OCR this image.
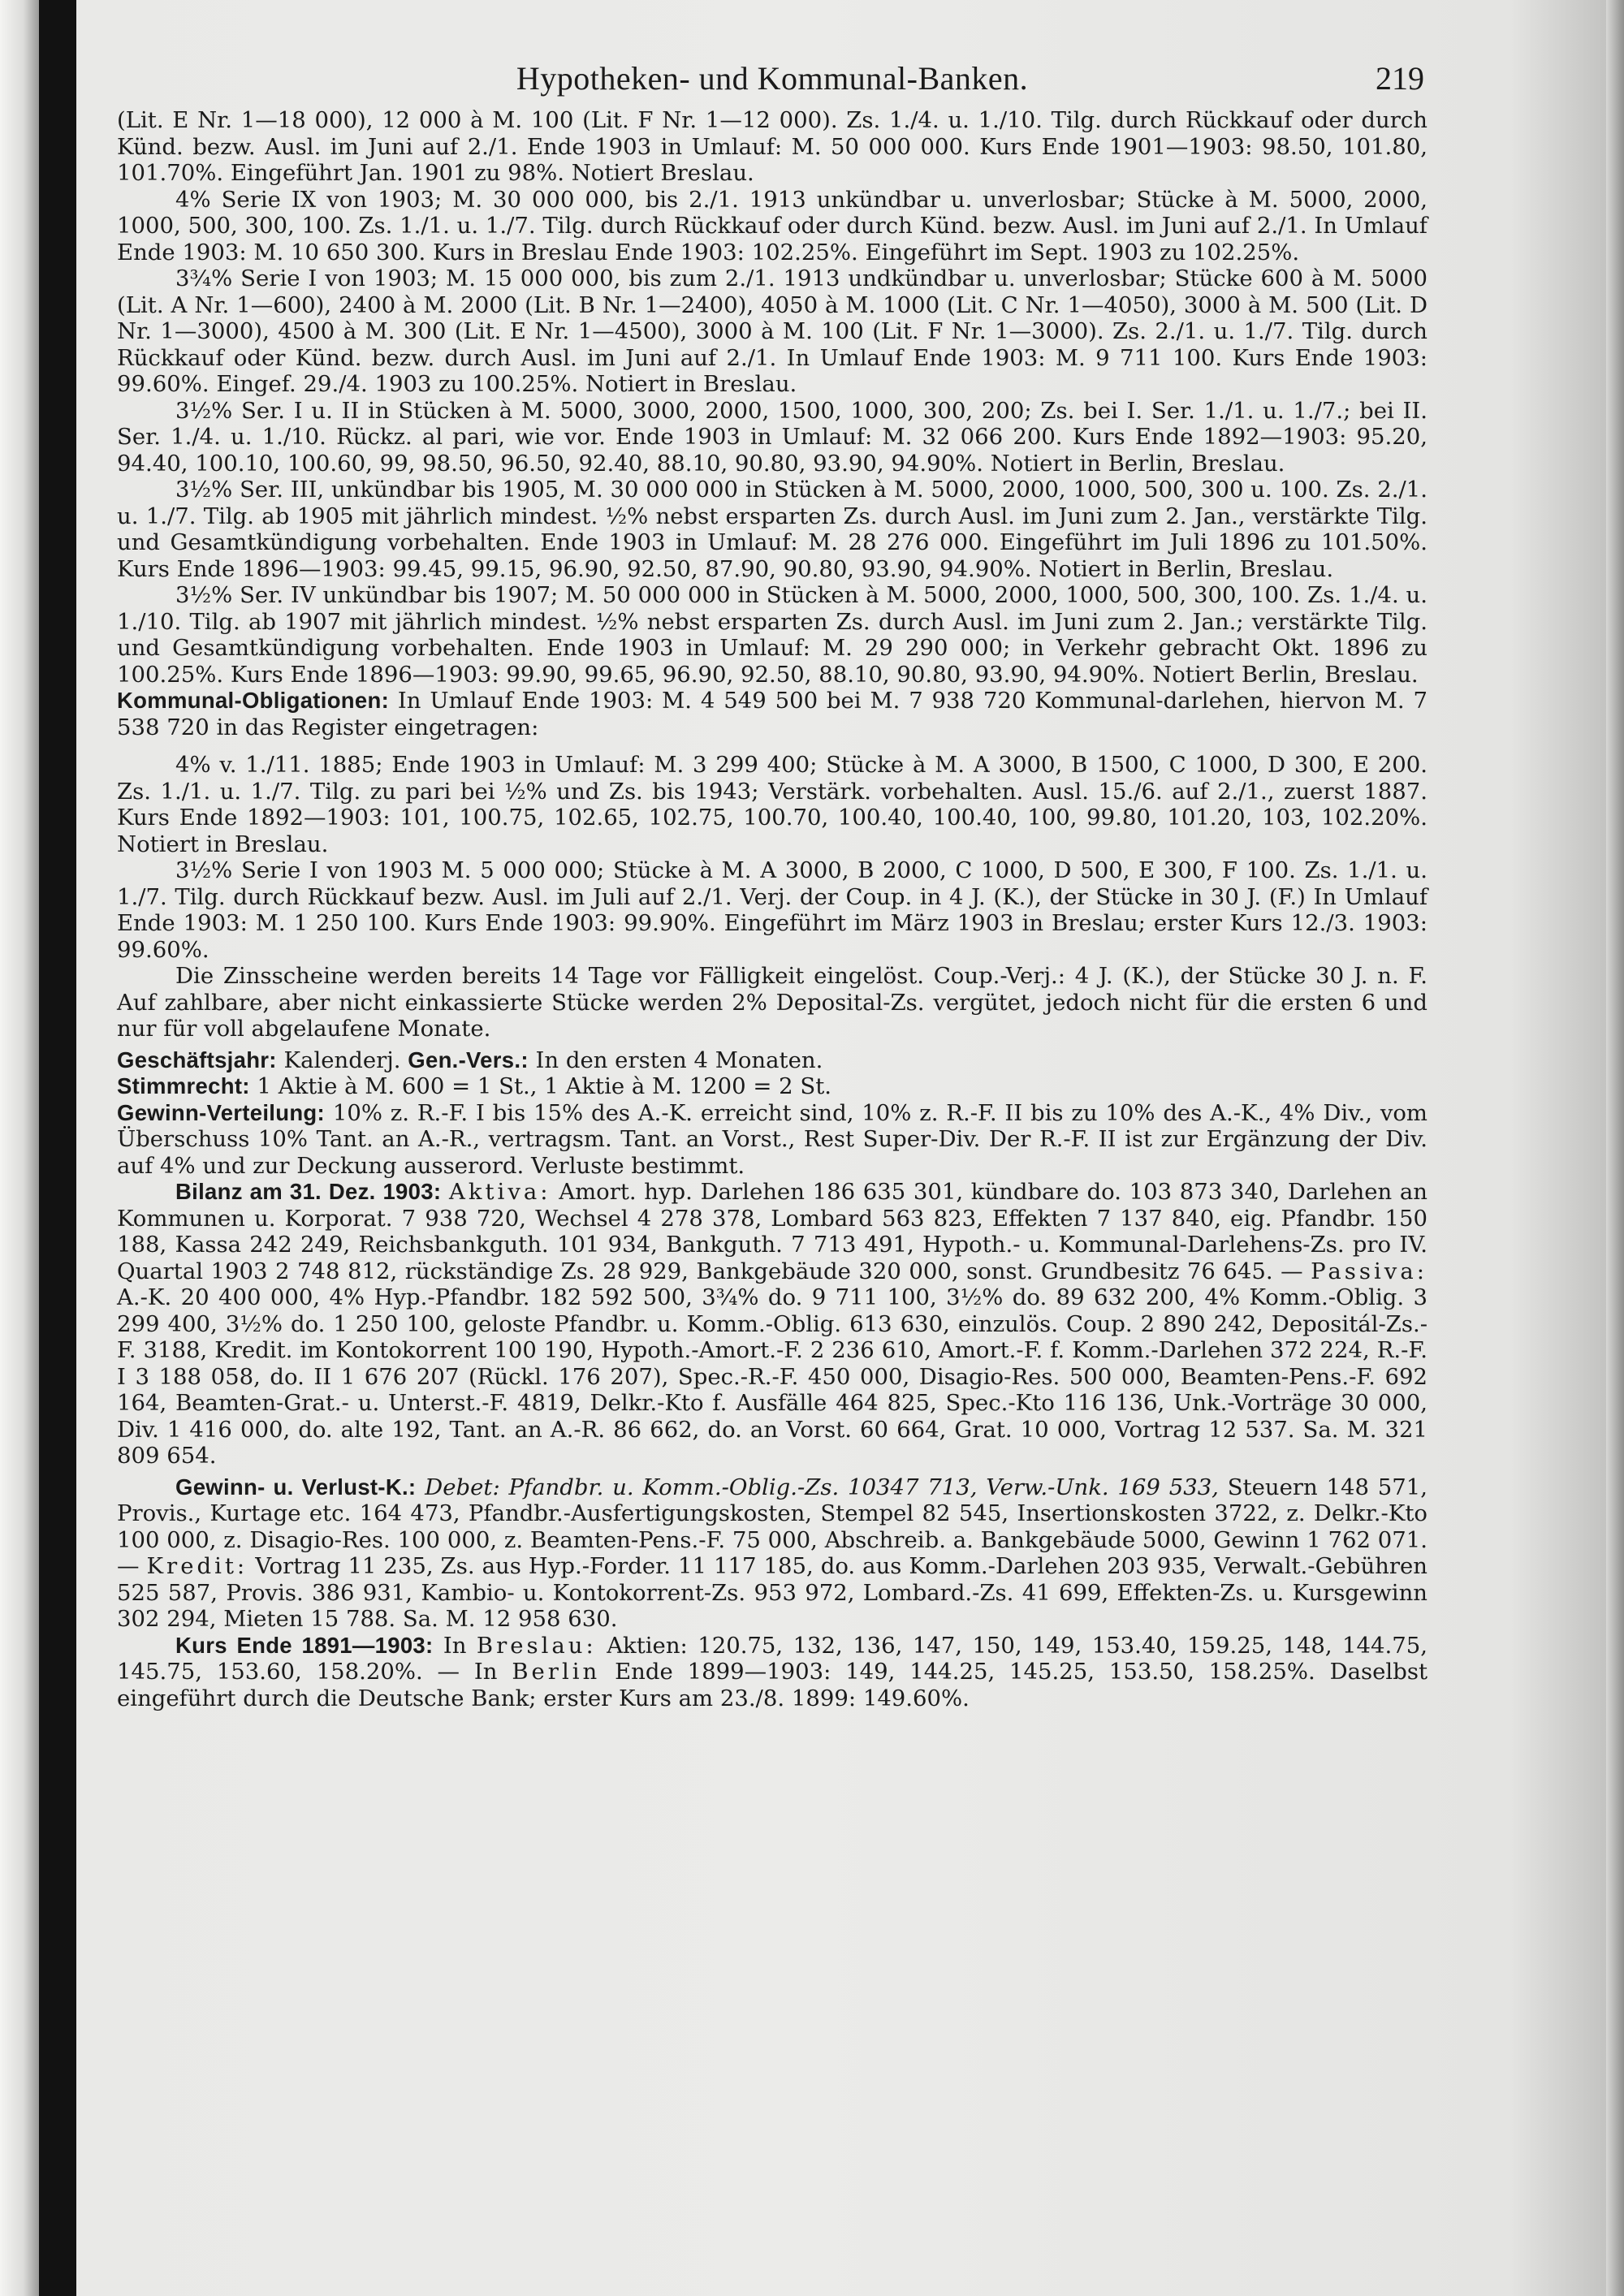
Hypotheken- und Kommunal-Banken.	219

(Lit. E Nr. 1—18 000), 12 000 à M. 100 (Lit. F Nr. 1—12 000). Zs. 1./4. u. 1./10. Tilg. durch Rückkauf oder durch Künd. bezw. Ausl. im Juni auf 2./1. Ende 1903 in Umlauf: M. 50 000 000. Kurs Ende 1901—1903: 98.50, 101.80, 101.70%. Eingeführt Jan. 1901 zu 98%. Notiert Breslau.

4% Serie IX von 1903; M. 30 000 000, bis 2./1. 1913 unkündbar u. unverlosbar; Stücke à M. 5000, 2000, 1000, 500, 300, 100. Zs. 1./1. u. 1./7. Tilg. durch Rückkauf oder durch Künd. bezw. Ausl. im Juni auf 2./1. In Umlauf Ende 1903: M. 10 650 300. Kurs in Breslau Ende 1903: 102.25%. Eingeführt im Sept. 1903 zu 102.25%.

3¾% Serie I von 1903; M. 15 000 000, bis zum 2./1. 1913 undkündbar u. unverlosbar; Stücke 600 à M. 5000 (Lit. A Nr. 1—600), 2400 à M. 2000 (Lit. B Nr. 1—2400), 4050 à M. 1000 (Lit. C Nr. 1—4050), 3000 à M. 500 (Lit. D Nr. 1—3000), 4500 à M. 300 (Lit. E Nr. 1—4500), 3000 à M. 100 (Lit. F Nr. 1—3000). Zs. 2./1. u. 1./7. Tilg. durch Rückkauf oder Künd. bezw. durch Ausl. im Juni auf 2./1. In Umlauf Ende 1903: M. 9 711 100. Kurs Ende 1903: 99.60%. Eingef. 29./4. 1903 zu 100.25%. Notiert in Breslau.

3½% Ser. I u. II in Stücken à M. 5000, 3000, 2000, 1500, 1000, 300, 200; Zs. bei I. Ser. 1./1. u. 1./7.; bei II. Ser. 1./4. u. 1./10. Rückz. al pari, wie vor. Ende 1903 in Umlauf: M. 32 066 200. Kurs Ende 1892—1903: 95.20, 94.40, 100.10, 100.60, 99, 98.50, 96.50, 92.40, 88.10, 90.80, 93.90, 94.90%. Notiert in Berlin, Breslau.

3½% Ser. III, unkündbar bis 1905, M. 30 000 000 in Stücken à M. 5000, 2000, 1000, 500, 300 u. 100. Zs. 2./1. u. 1./7. Tilg. ab 1905 mit jährlich mindest. ½% nebst ersparten Zs. durch Ausl. im Juni zum 2. Jan., verstärkte Tilg. und Gesamtkündigung vorbehalten. Ende 1903 in Umlauf: M. 28 276 000. Eingeführt im Juli 1896 zu 101.50%. Kurs Ende 1896—1903: 99.45, 99.15, 96.90, 92.50, 87.90, 90.80, 93.90, 94.90%. Notiert in Berlin, Breslau.

3½% Ser. IV unkündbar bis 1907; M. 50 000 000 in Stücken à M. 5000, 2000, 1000, 500, 300, 100. Zs. 1./4. u. 1./10. Tilg. ab 1907 mit jährlich mindest. ½% nebst ersparten Zs. durch Ausl. im Juni zum 2. Jan.; verstärkte Tilg. und Gesamtkündigung vorbehalten. Ende 1903 in Umlauf: M. 29 290 000; in Verkehr gebracht Okt. 1896 zu 100.25%. Kurs Ende 1896—1903: 99.90, 99.65, 96.90, 92.50, 88.10, 90.80, 93.90, 94.90%. Notiert Berlin, Breslau.

Kommunal-Obligationen: In Umlauf Ende 1903: M. 4 549 500 bei M. 7 938 720 Kommunal-darlehen, hiervon M. 7 538 720 in das Register eingetragen:

4% v. 1./11. 1885; Ende 1903 in Umlauf: M. 3 299 400; Stücke à M. A 3000, B 1500, C 1000, D 300, E 200. Zs. 1./1. u. 1./7. Tilg. zu pari bei ½% und Zs. bis 1943; Verstärk. vorbehalten. Ausl. 15./6. auf 2./1., zuerst 1887. Kurs Ende 1892—1903: 101, 100.75, 102.65, 102.75, 100.70, 100.40, 100.40, 100, 99.80, 101.20, 103, 102.20%. Notiert in Breslau.

3½% Serie I von 1903 M. 5 000 000; Stücke à M. A 3000, B 2000, C 1000, D 500, E 300, F 100. Zs. 1./1. u. 1./7. Tilg. durch Rückkauf bezw. Ausl. im Juli auf 2./1. Verj. der Coup. in 4 J. (K.), der Stücke in 30 J. (F.) In Umlauf Ende 1903: M. 1 250 100. Kurs Ende 1903: 99.90%. Eingeführt im März 1903 in Breslau; erster Kurs 12./3. 1903: 99.60%.

Die Zinsscheine werden bereits 14 Tage vor Fälligkeit eingelöst. Coup.-Verj.: 4 J. (K.), der Stücke 30 J. n. F. Auf zahlbare, aber nicht einkassierte Stücke werden 2% Deposital-Zs. vergütet, jedoch nicht für die ersten 6 und nur für voll abgelaufene Monate.

Geschäftsjahr: Kalenderj. Gen.-Vers.: In den ersten 4 Monaten.

Stimmrecht: 1 Aktie à M. 600 = 1 St., 1 Aktie à M. 1200 = 2 St.

Gewinn-Verteilung: 10% z. R.-F. I bis 15% des A.-K. erreicht sind, 10% z. R.-F. II bis zu 10% des A.-K., 4% Div., vom Überschuss 10% Tant. an A.-R., vertragsm. Tant. an Vorst., Rest Super-Div. Der R.-F. II ist zur Ergänzung der Div. auf 4% und zur Deckung ausserord. Verluste bestimmt.

Bilanz am 31. Dez. 1903: Aktiva: Amort. hyp. Darlehen 186 635 301, kündbare do. 103 873 340, Darlehen an Kommunen u. Korporat. 7 938 720, Wechsel 4 278 378, Lombard 563 823, Effekten 7 137 840, eig. Pfandbr. 150 188, Kassa 242 249, Reichsbankguth. 101 934, Bankguth. 7 713 491, Hypoth.- u. Kommunal-Darlehens-Zs. pro IV. Quartal 1903 2 748 812, rückständige Zs. 28 929, Bankgebäude 320 000, sonst. Grundbesitz 76 645. — Passiva: A.-K. 20 400 000, 4% Hyp.-Pfandbr. 182 592 500, 3¾% do. 9 711 100, 3½% do. 89 632 200, 4% Komm.-Oblig. 3 299 400, 3½% do. 1 250 100, geloste Pfandbr. u. Komm.-Oblig. 613 630, einzulös. Coup. 2 890 242, Depositál-Zs.-F. 3188, Kredit. im Kontokorrent 100 190, Hypoth.-Amort.-F. 2 236 610, Amort.-F. f. Komm.-Darlehen 372 224, R.-F. I 3 188 058, do. II 1 676 207 (Rückl. 176 207), Spec.-R.-F. 450 000, Disagio-Res. 500 000, Beamten-Pens.-F. 692 164, Beamten-Grat.- u. Unterst.-F. 4819, Delkr.-Kto f. Ausfälle 464 825, Spec.-Kto 116 136, Unk.-Vorträge 30 000, Div. 1 416 000, do. alte 192, Tant. an A.-R. 86 662, do. an Vorst. 60 664, Grat. 10 000, Vortrag 12 537. Sa. M. 321 809 654.

Gewinn- u. Verlust-K.: Debet: Pfandbr. u. Komm.-Oblig.-Zs. 10347 713, Verw.-Unk. 169 533, Steuern 148 571, Provis., Kurtage etc. 164 473, Pfandbr.-Ausfertigungskosten, Stempel 82 545, Insertionskosten 3722, z. Delkr.-Kto 100 000, z. Disagio-Res. 100 000, z. Beamten-Pens.-F. 75 000, Abschreib. a. Bankgebäude 5000, Gewinn 1 762 071. — Kredit: Vortrag 11 235, Zs. aus Hyp.-Forder. 11 117 185, do. aus Komm.-Darlehen 203 935, Verwalt.-Gebühren 525 587, Provis. 386 931, Kambio- u. Kontokorrent-Zs. 953 972, Lombard.-Zs. 41 699, Effekten-Zs. u. Kursgewinn 302 294, Mieten 15 788. Sa. M. 12 958 630.

Kurs Ende 1891—1903: In Breslau: Aktien: 120.75, 132, 136, 147, 150, 149, 153.40, 159.25, 148, 144.75, 145.75, 153.60, 158.20%. — In Berlin Ende 1899—1903: 149, 144.25, 145.25, 153.50, 158.25%. Daselbst eingeführt durch die Deutsche Bank; erster Kurs am 23./8. 1899: 149.60%.
